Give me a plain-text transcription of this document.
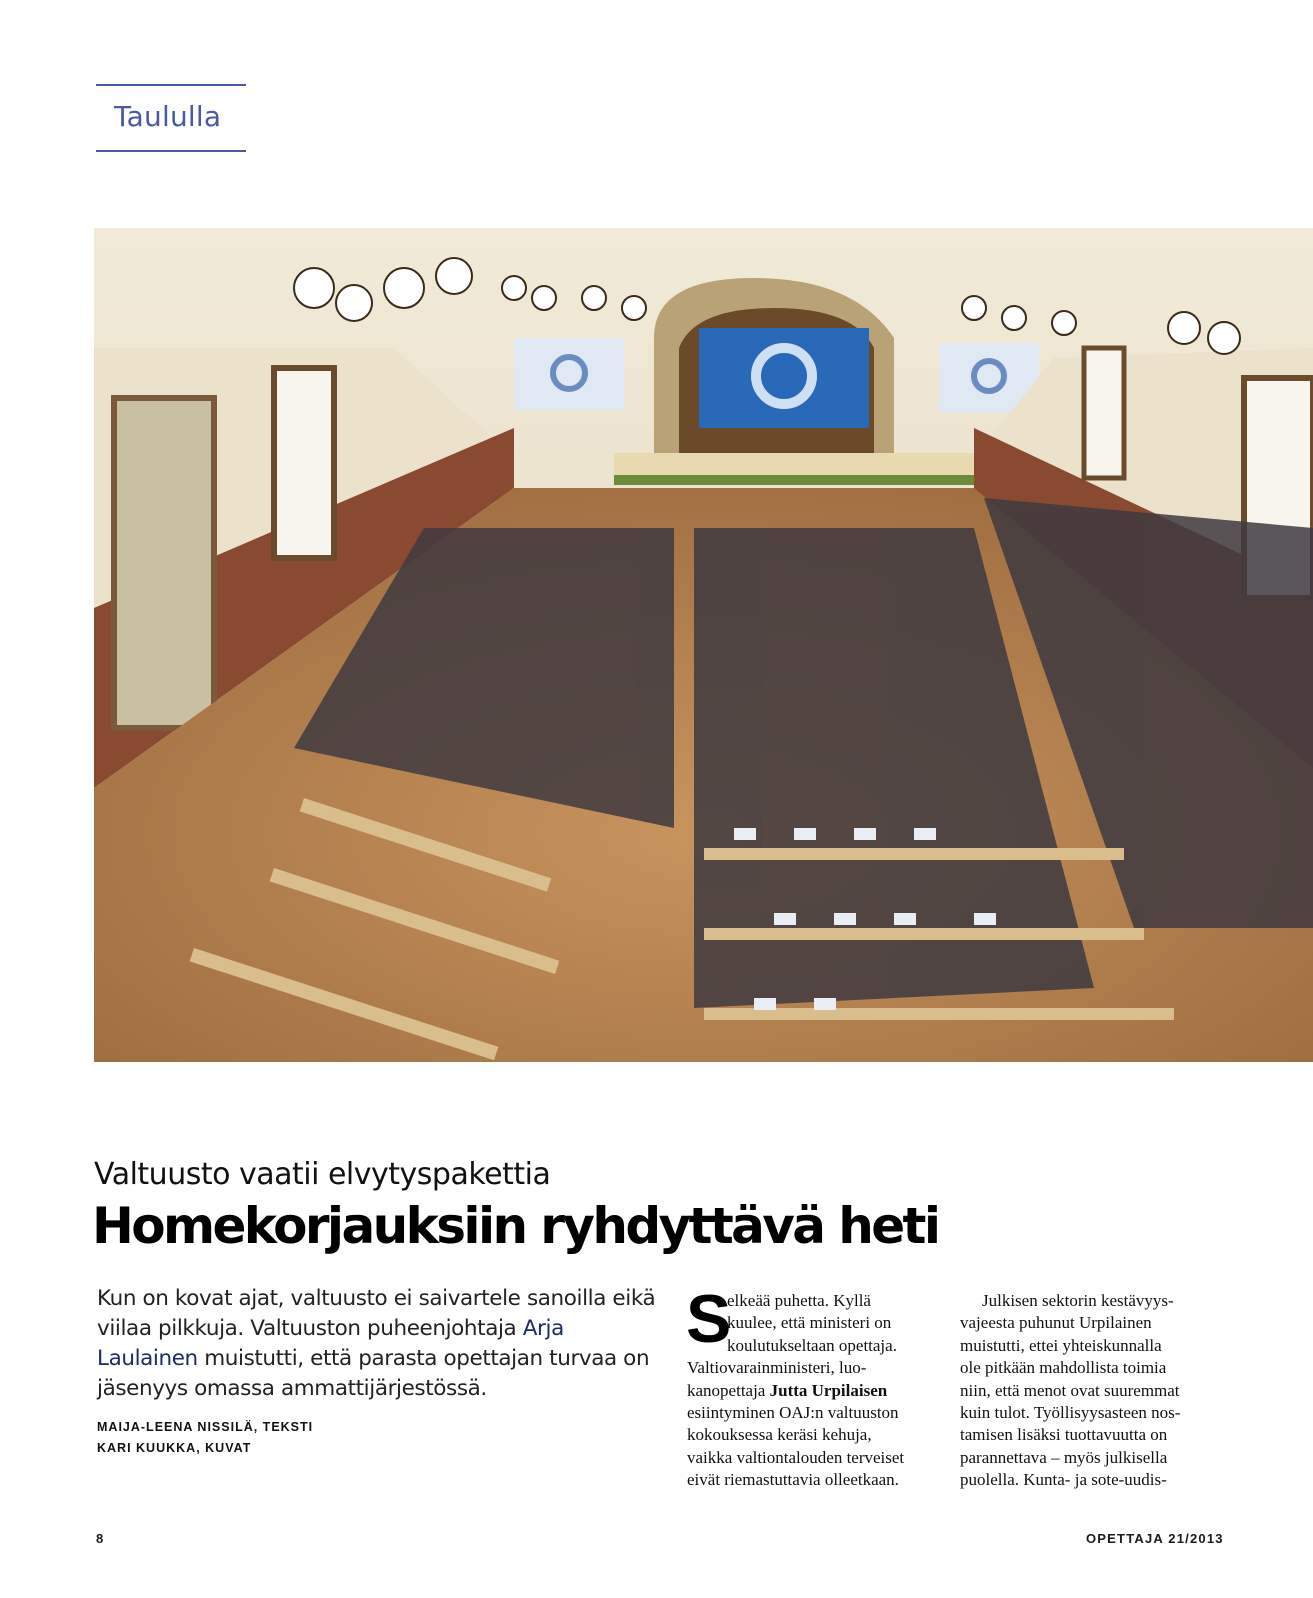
Taululla
Valtuusto vaatii elvytyspakettia
Homekorjauksiin ryhdyttävä heti
Kun on kovat ajat, valtuusto ei saivartele sanoilla eikä viilaa pilkkuja. Valtuuston puheenjohtaja Arja Laulainen muistutti, että parasta opettajan turvaa on jäsenyys omassa ammattijärjestössä.
MAIJA-LEENA NISSILÄ, TEKSTI
KARI KUUKKA, KUVAT
S
elkeää puhetta. Kyllä
kuulee, että ministeri on
koulutukseltaan opettaja.
Valtiovarainministeri, luo-
kanopettaja Jutta Urpilaisen
esiintyminen OAJ:n valtuuston
kokouksessa keräsi kehuja,
vaikka valtiontalouden terveiset
eivät riemastuttavia olleetkaan.
Julkisen sektorin kestävyys-
vajeesta puhunut Urpilainen
muistutti, ettei yhteiskunnalla
ole pitkään mahdollista toimia
niin, että menot ovat suuremmat
kuin tulot. Työllisyysasteen nos-
tamisen lisäksi tuottavuutta on
parannettava – myös julkisella
puolella. Kunta- ja sote-uudis-
8	OPETTAJA 21/2013
